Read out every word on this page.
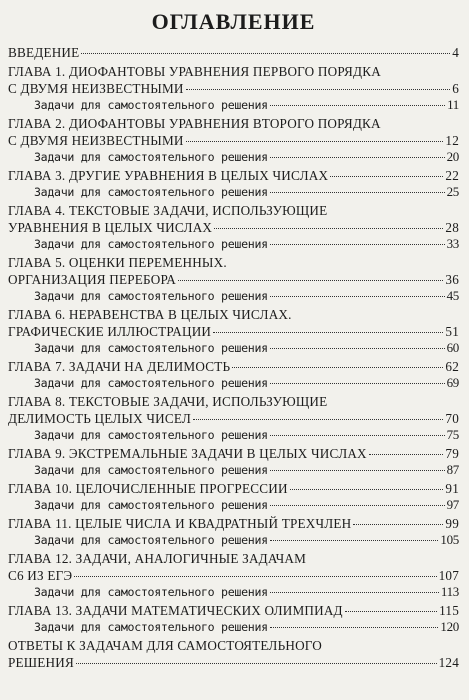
ОГЛАВЛЕНИЕ
ВВЕДЕНИЕ	4
ГЛАВА 1. ДИОФАНТОВЫ УРАВНЕНИЯ ПЕРВОГО ПОРЯДКА
С ДВУМЯ НЕИЗВЕСТНЫМИ	6
Задачи для самостоятельного решения	11
ГЛАВА 2. ДИОФАНТОВЫ УРАВНЕНИЯ ВТОРОГО ПОРЯДКА
С ДВУМЯ НЕИЗВЕСТНЫМИ	12
Задачи для самостоятельного решения	20
ГЛАВА 3. ДРУГИЕ УРАВНЕНИЯ В ЦЕЛЫХ ЧИСЛАХ	22
Задачи для самостоятельного решения	25
ГЛАВА 4. ТЕКСТОВЫЕ ЗАДАЧИ, ИСПОЛЬЗУЮЩИЕ
УРАВНЕНИЯ В ЦЕЛЫХ ЧИСЛАХ	28
Задачи для самостоятельного решения	33
ГЛАВА 5. ОЦЕНКИ ПЕРЕМЕННЫХ.
ОРГАНИЗАЦИЯ ПЕРЕБОРА	36
Задачи для самостоятельного решения	45
ГЛАВА 6. НЕРАВЕНСТВА В ЦЕЛЫХ ЧИСЛАХ.
ГРАФИЧЕСКИЕ ИЛЛЮСТРАЦИИ	51
Задачи для самостоятельного решения	60
ГЛАВА 7. ЗАДАЧИ НА ДЕЛИМОСТЬ	62
Задачи для самостоятельного решения	69
ГЛАВА 8. ТЕКСТОВЫЕ ЗАДАЧИ, ИСПОЛЬЗУЮЩИЕ
ДЕЛИМОСТЬ ЦЕЛЫХ ЧИСЕЛ	70
Задачи для самостоятельного решения	75
ГЛАВА 9. ЭКСТРЕМАЛЬНЫЕ ЗАДАЧИ В ЦЕЛЫХ ЧИСЛАХ	79
Задачи для самостоятельного решения	87
ГЛАВА 10. ЦЕЛОЧИСЛЕННЫЕ ПРОГРЕССИИ	91
Задачи для самостоятельного решения	97
ГЛАВА 11. ЦЕЛЫЕ ЧИСЛА И КВАДРАТНЫЙ ТРЕХЧЛЕН	99
Задачи для самостоятельного решения	105
ГЛАВА 12. ЗАДАЧИ, АНАЛОГИЧНЫЕ ЗАДАЧАМ
С6 ИЗ ЕГЭ	107
Задачи для самостоятельного решения	113
ГЛАВА 13. ЗАДАЧИ МАТЕМАТИЧЕСКИХ ОЛИМПИАД	115
Задачи для самостоятельного решения	120
ОТВЕТЫ К ЗАДАЧАМ ДЛЯ САМОСТОЯТЕЛЬНОГО
РЕШЕНИЯ	124
